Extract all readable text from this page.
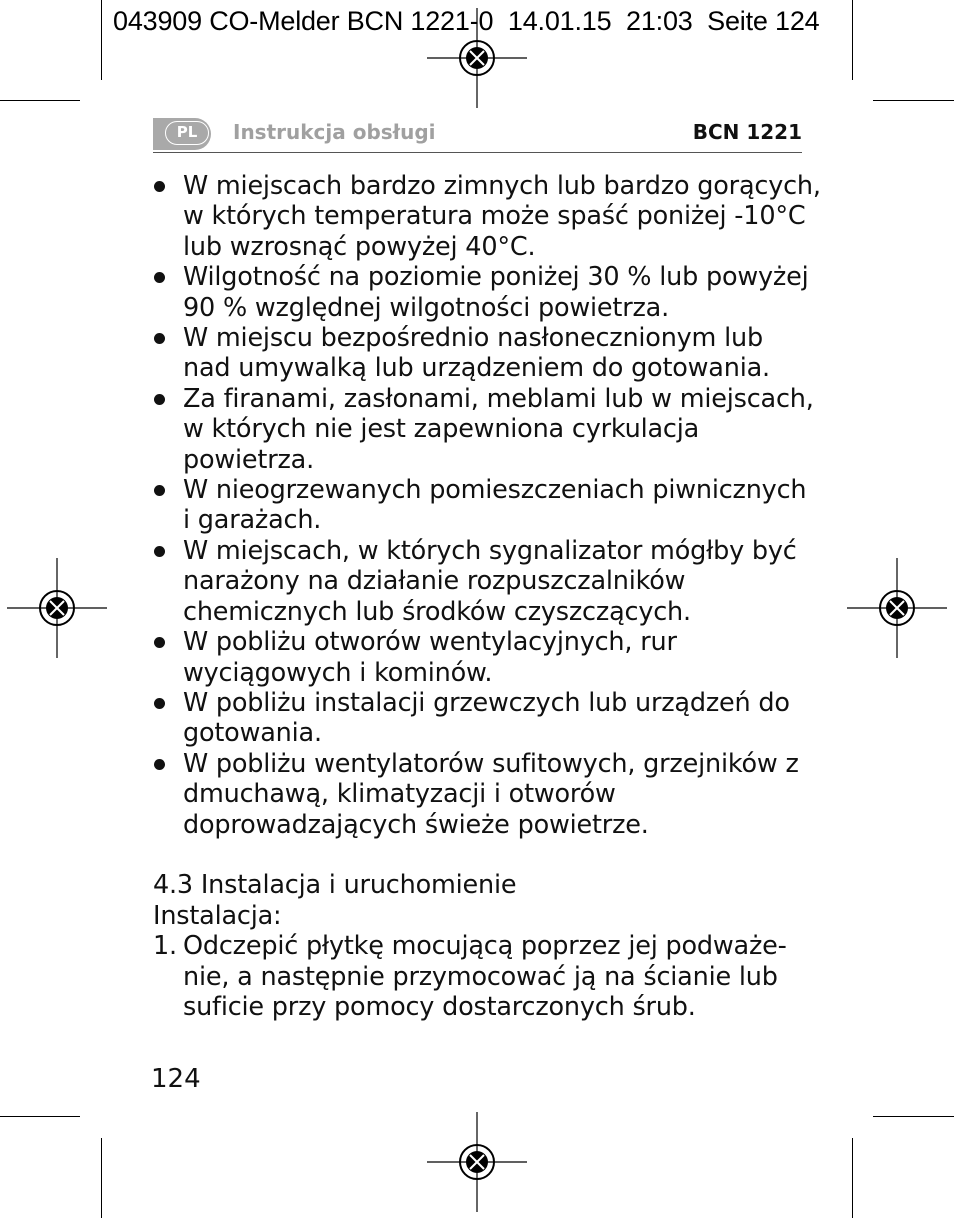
043909 CO-Melder BCN 1221-0  14.01.15  21:03  Seite 124
PL	Instrukcja obsługi	BCN 1221
W miejscach bardzo zimnych lub bardzo gorących,
w których temperatura może spaść poniżej -10°C
lub wzrosnąć powyżej 40°C.
Wilgotność na poziomie poniżej 30 % lub powyżej
90 % względnej wilgotności powietrza.
W miejscu bezpośrednio nasłonecznionym lub
nad umywalką lub urządzeniem do gotowania.
Za firanami, zasłonami, meblami lub w miejscach,
w których nie jest zapewniona cyrkulacja
powietrza.
W nieogrzewanych pomieszczeniach piwnicznych
i garażach.
W miejscach, w których sygnalizator mógłby być
narażony na działanie rozpuszczalników
chemicznych lub środków czyszczących.
W pobliżu otworów wentylacyjnych, rur
wyciągowych i kominów.
W pobliżu instalacji grzewczych lub urządzeń do
gotowania.
W pobliżu wentylatorów sufitowych, grzejników z
dmuchawą, klimatyzacji i otworów
doprowadzających świeże powietrze.
4.3 Instalacja i uruchomienie
Instalacja:
1. Odczepić płytkę mocującą poprzez jej podważe-
nie, a następnie przymocować ją na ścianie lub
suficie przy pomocy dostarczonych śrub.
124
